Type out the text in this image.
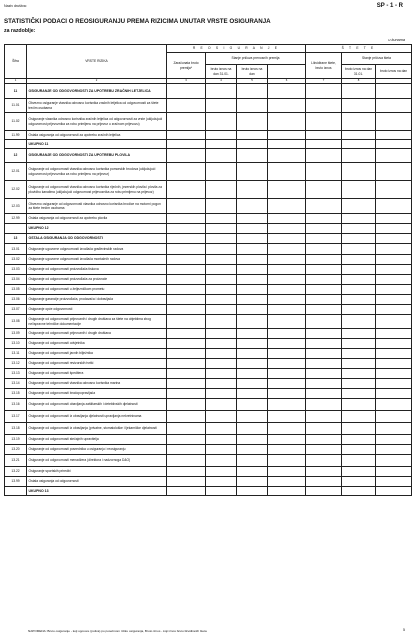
Naziv društva:	SP - 1 - R
STATISTIČKI PODACI O REOSIGURANJU PREMA RIZICIMA UNUTAR VRSTE OSIGURANJA
za razdoblje:
u kunama
Šifra	VRSTE RIZIKA	R E O S I G U R A N J E				Š T E T E		
		Zaračunata bruto premija*	Stanje pričuva prenosnih premija			Likvidirane štete, bruto iznos	Stanje pričuva šteta	
			bruto iznos na dan 31.01.	bruto iznos na dan			bruto iznos na dan 31.01.	bruto iznos na dan
1	2	3	4	5	6	7	8	
11	OSIGURANJE OD ODGOVORNOSTI ZA UPOTREBU ZRAČNIH LETJELICA							
11.01	Obvezno osiguranje vlasnika odnosno korisnika zračnih letjelica od odgovornosti za štete trećim osobama							
11.02	Osiguranje vlasnika odnosno korisnika zračnih letjelica od odgovornosti za vrste (uključujući odgovornost prijevoznika za robu primljenu na prijevoz u zračnom prijevozu)							
11.99	Ostala osiguranja od odgovornosti za upotrebu zračnih letjelica							
	UKUPNO 11							
12	OSIGURANJE OD ODGOVORNOSTI ZA UPOTREBU PLOVILA							
12.01	Osiguranje od odgovornosti vlasnika odnosno korisnika pomorskih brodova (uključujući odgovornost prijevoznika za robu primljenu na prijevoz)							
12.02	Osiguranje od odgovornosti vlasnika odnosno korisnika riječnih, jezerskih plovila i plovila za plovidbu kanalima (uključujući odgovornost prijevoznika za robu primljenu na prijevoz)							
12.03	Obvezno osiguranje od odgovornosti vlasnika odnosno korisnika brodice na motorni pogon za štete trećim osobama							
12.99	Ostala osiguranja od odgovornosti za upotrebu plovila							
	UKUPNO 12							
13	OSTALA OSIGURANJA OD ODGOVORNOSTI							
13.01	Osiguranje ugovorne odgovornosti izvođača građevinskih radova							
13.02	Osiguranje ugovorne odgovornosti izvođača montažnih radova							
13.03	Osiguranje od odgovornosti proizvođača tiskova							
13.04	Osiguranje od odgovornosti proizvođača za proizvode							
13.05	Osiguranje od odgovornosti u željezničkom prometu							
13.06	Osiguranje garancije proizvođača, prodavača i dobavljača							
13.07	Osiguranje opće odgovornosti							
13.08	Osiguranje od odgovornosti prijevoznih i drugih društava za štete na objektima zbog ne/ispravne tehničke dokumentacije							
13.09	Osiguranje od odgovornosti prijevoznih i drugih društava							
13.10	Osiguranje od odgovornosti odvjetnika							
13.11	Osiguranje od odgovornosti javnih bilježnika							
13.12	Osiguranje od odgovornosti revizorskih tvrtki							
13.13	Osiguranje od odgovornosti špeditera							
13.14	Osiguranje od odgovornosti vlasnika odnosno korisnika marina							
13.15	Osiguranje od odgovornosti brodopopravljača							
13.16	Osiguranje od odgovornosti obavljanja zaštitarskih i detektivskih djelatnosti							
13.17	Osiguranje od odgovornosti iz obavljanja djelatnosti upravljanja nekretninama							
13.18	Osiguranje od odgovornosti iz obavljanja (privatne, stomatološke i ljekarničke djelatnosti							
13.19	Osiguranje od odgovornosti stečajnih upravitelja							
13.20	Osiguranje od odgovornosti posrednika u osiguranju i reosiguranju							
13.21	Osiguranje od odgovornosti menadžera (direktora i nadzornoga D&O)							
13.22	Osiguranje sportskih priredbi							
13.99	Ostala osiguranja od odgovornosti							
	UKUPNO 13							
NAPOMENA: Bruto osiguranje - koji ugovore (polica) po posebnom riziku osiguranja, Bruto iznos - koji iznos bruto likvidiranih šteta	5
